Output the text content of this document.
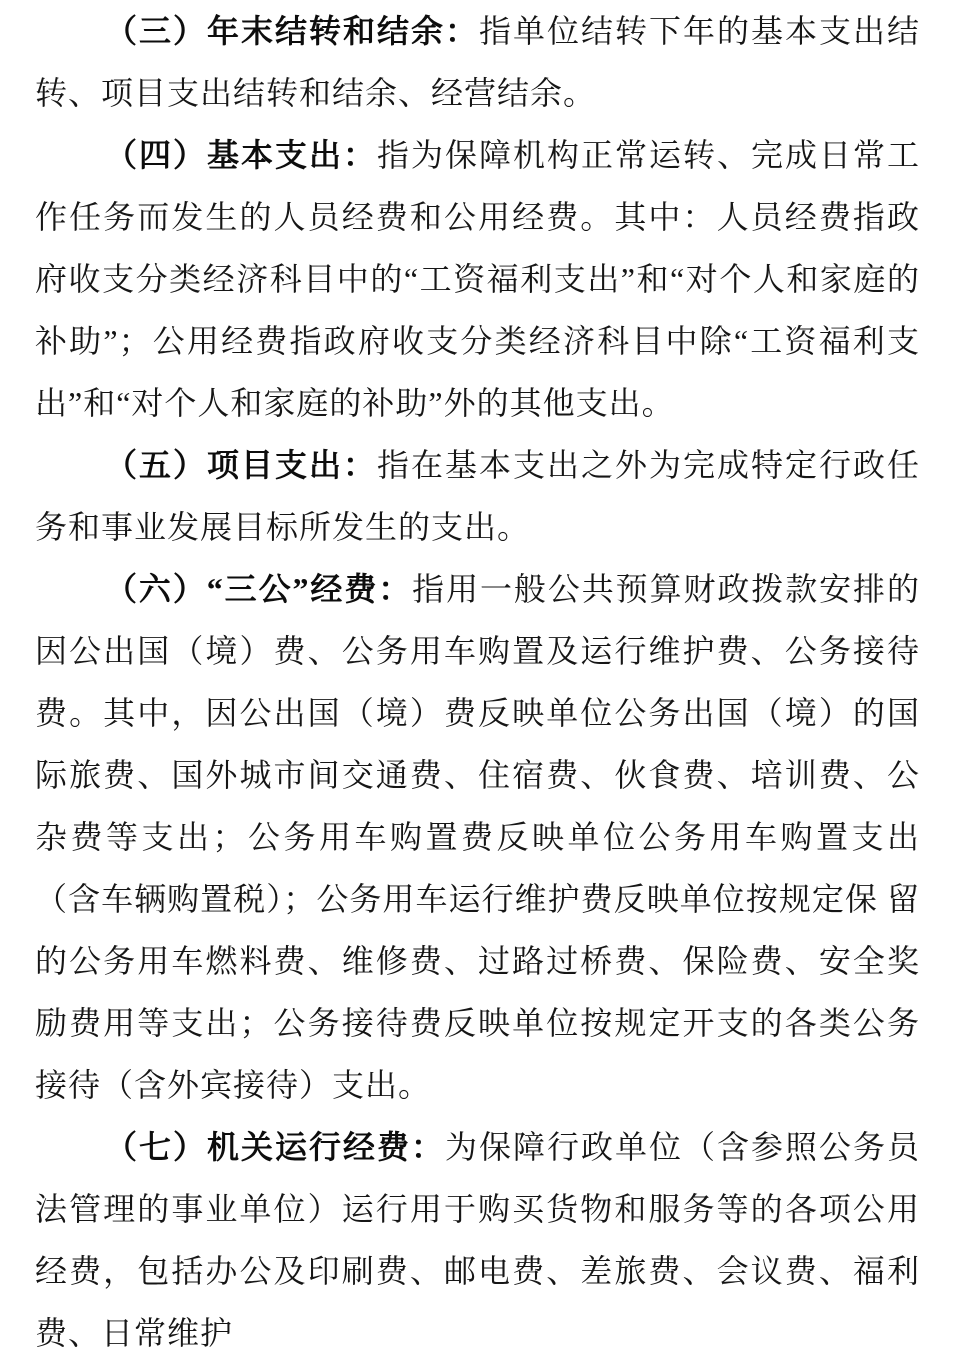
（三）年末结转和结余：指单位结转下年的基本支出结转、项目支出结转和结余、经营结余。

（四）基本支出：指为保障机构正常运转、完成日常工作任务而发生的人员经费和公用经费。其中：人员经费指政府收支分类经济科目中的“工资福利支出”和“对个人和家庭的补助”；公用经费指政府收支分类经济科目中除“工资福利支出”和“对个人和家庭的补助”外的其他支出。

（五）项目支出：指在基本支出之外为完成特定行政任务和事业发展目标所发生的支出。

（六）“三公”经费：指用一般公共预算财政拨款安排的因公出国（境）费、公务用车购置及运行维护费、公务接待费。其中，因公出国（境）费反映单位公务出国（境）的国际旅费、国外城市间交通费、住宿费、伙食费、培训费、公杂费等支出；公务用车购置费反映单位公务用车购置支出（含车辆购置税）；公务用车运行维护费反映单位按规定保 留的公务用车燃料费、维修费、过路过桥费、保险费、安全奖励费用等支出；公务接待费反映单位按规定开支的各类公务接待（含外宾接待）支出。

（七）机关运行经费：为保障行政单位（含参照公务员法管理的事业单位）运行用于购买货物和服务等的各项公用经费，包括办公及印刷费、邮电费、差旅费、会议费、福利费、日常维护
